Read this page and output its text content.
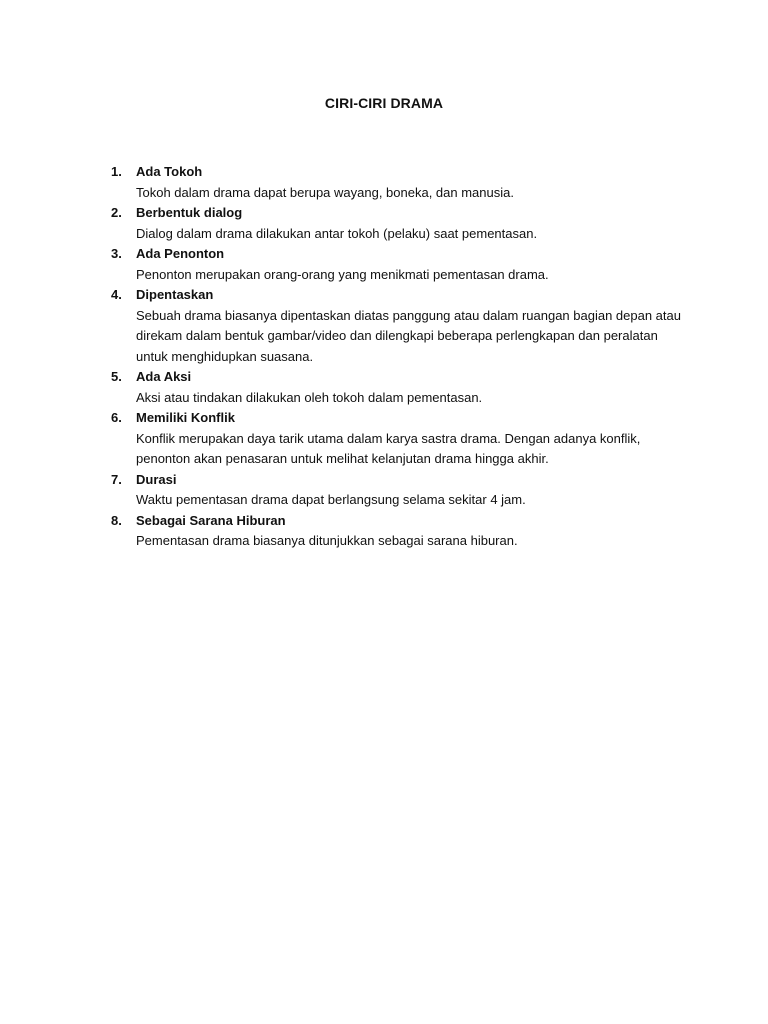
CIRI-CIRI DRAMA
1. Ada Tokoh
Tokoh dalam drama dapat berupa wayang, boneka, dan manusia.
2. Berbentuk dialog
Dialog dalam drama dilakukan antar tokoh (pelaku) saat pementasan.
3. Ada Penonton
Penonton merupakan orang-orang yang menikmati pementasan drama.
4. Dipentaskan
Sebuah drama biasanya dipentaskan diatas panggung atau dalam ruangan bagian depan atau direkam dalam bentuk gambar/video dan dilengkapi beberapa perlengkapan dan peralatan untuk menghidupkan suasana.
5. Ada Aksi
Aksi atau tindakan dilakukan oleh tokoh dalam pementasan.
6. Memiliki Konflik
Konflik merupakan daya tarik utama dalam karya sastra drama. Dengan adanya konflik, penonton akan penasaran untuk melihat kelanjutan drama hingga akhir.
7. Durasi
Waktu pementasan drama dapat berlangsung selama sekitar 4 jam.
8. Sebagai Sarana Hiburan
Pementasan drama biasanya ditunjukkan sebagai sarana hiburan.
